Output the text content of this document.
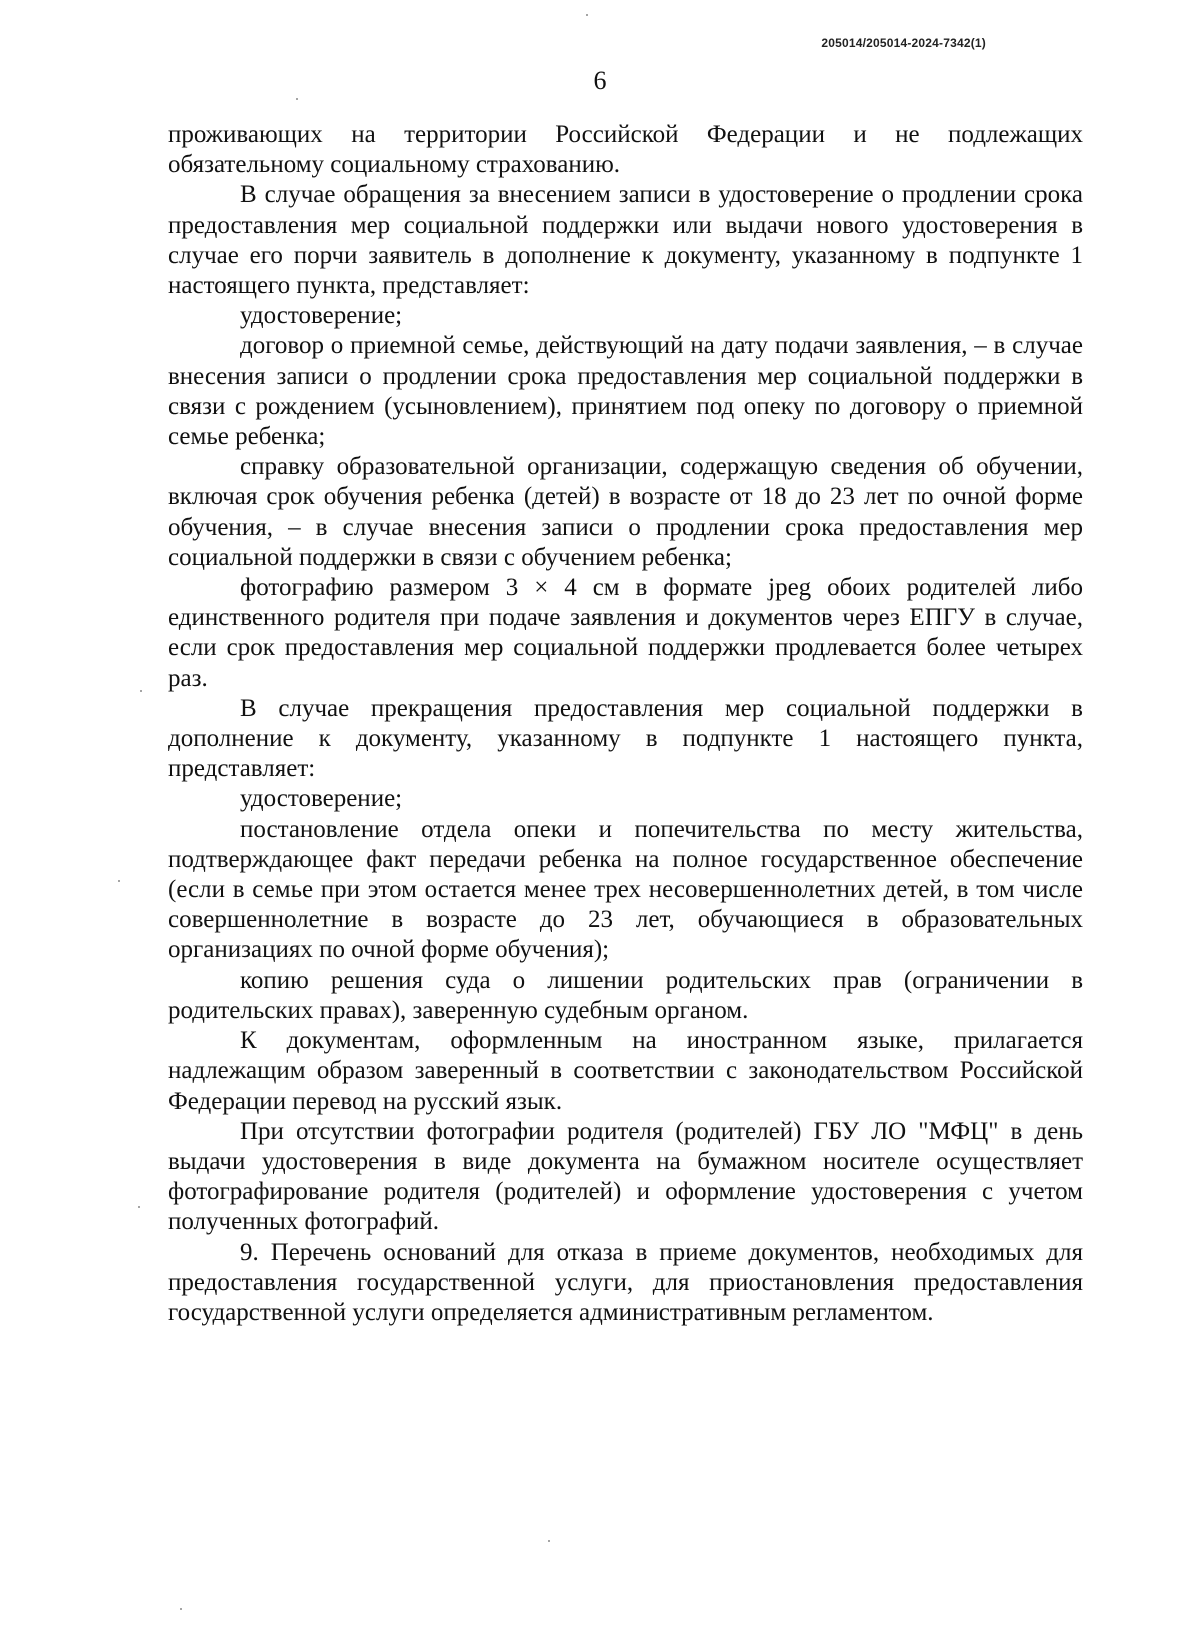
205014/205014-2024-7342(1)
6

проживающих на территории Российской Федерации и не подлежащих обязательному социальному страхованию.

В случае обращения за внесением записи в удостоверение о продлении срока предоставления мер социальной поддержки или выдачи нового удостоверения в случае его порчи заявитель в дополнение к документу, указанному в подпункте 1 настоящего пункта, представляет:

удостоверение;

договор о приемной семье, действующий на дату подачи заявления, – в случае внесения записи о продлении срока предоставления мер социальной поддержки в связи с рождением (усыновлением), принятием под опеку по договору о приемной семье ребенка;

справку образовательной организации, содержащую сведения об обучении, включая срок обучения ребенка (детей) в возрасте от 18 до 23 лет по очной форме обучения, – в случае внесения записи о продлении срока предоставления мер социальной поддержки в связи с обучением ребенка;

фотографию размером 3 × 4 см в формате jpeg обоих родителей либо единственного родителя при подаче заявления и документов через ЕПГУ в случае, если срок предоставления мер социальной поддержки продлевается более четырех раз.

В случае прекращения предоставления мер социальной поддержки в дополнение к документу, указанному в подпункте 1 настоящего пункта, представляет:

удостоверение;

постановление отдела опеки и попечительства по месту жительства, подтверждающее факт передачи ребенка на полное государственное обеспечение (если в семье при этом остается менее трех несовершеннолетних детей, в том числе совершеннолетние в возрасте до 23 лет, обучающиеся в образовательных организациях по очной форме обучения);

копию решения суда о лишении родительских прав (ограничении в родительских правах), заверенную судебным органом.

К документам, оформленным на иностранном языке, прилагается надлежащим образом заверенный в соответствии с законодательством Российской Федерации перевод на русский язык.

При отсутствии фотографии родителя (родителей) ГБУ ЛО "МФЦ" в день выдачи удостоверения в виде документа на бумажном носителе осуществляет фотографирование родителя (родителей) и оформление удостоверения с учетом полученных фотографий.

9. Перечень оснований для отказа в приеме документов, необходимых для предоставления государственной услуги, для приостановления предоставления государственной услуги определяется административным регламентом.
